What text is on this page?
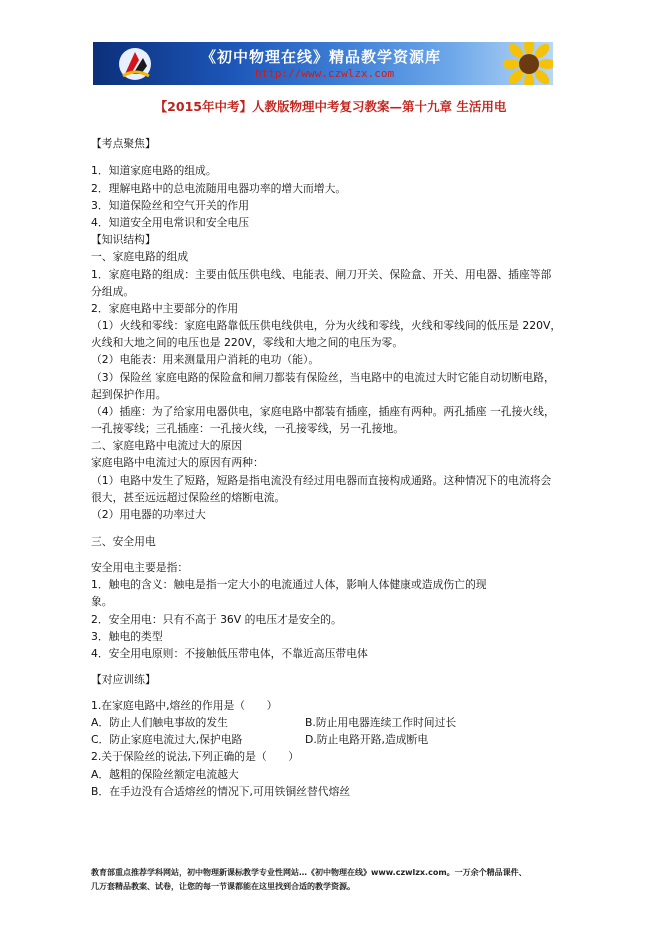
《初中物理在线》精品教学资源库
http://www.czwlzx.com
【2015年中考】人教版物理中考复习教案—第十九章 生活用电
【考点聚焦】
1．知道家庭电路的组成。
2．理解电路中的总电流随用电器功率的增大而增大。
3．知道保险丝和空气开关的作用
4．知道安全用电常识和安全电压
【知识结构】
一、家庭电路的组成
1．家庭电路的组成：主要由低压供电线、电能表、闸刀开关、保险盒、开关、用电器、插座等部
分组成。
2．家庭电路中主要部分的作用
（1）火线和零线：家庭电路靠低压供电线供电，分为火线和零线，火线和零线间的低压是 220V，
火线和大地之间的电压也是 220V，零线和大地之间的电压为零。
（2）电能表：用来测量用户消耗的电功（能）。
（3）保险丝 家庭电路的保险盒和闸刀都装有保险丝，当电路中的电流过大时它能自动切断电路，
起到保护作用。
（4）插座：为了给家用电器供电，家庭电路中都装有插座，插座有两种。两孔插座 一孔接火线，
一孔接零线；三孔插座：一孔接火线，一孔接零线，另一孔接地。
二、家庭电路中电流过大的原因
家庭电路中电流过大的原因有两种：
（1）电路中发生了短路，短路是指电流没有经过用电器而直接构成通路。这种情况下的电流将会
很大，甚至远远超过保险丝的熔断电流。
（2）用电器的功率过大
三、安全用电
安全用电主要是指：
1．触电的含义：触电是指一定大小的电流通过人体，影响人体健康或造成伤亡的现
象。
2．安全用电：只有不高于 36V 的电压才是安全的。
3．触电的类型
4．安全用电原则：不接触低压带电体，不靠近高压带电体
【对应训练】
1.在家庭电路中,熔丝的作用是（　　）
A．防止人们触电事故的发生	B.防止用电器连续工作时间过长
C．防止家庭电流过大,保护电路	D.防止电路开路,造成断电
2.关于保险丝的说法,下列正确的是（　　）
A．越粗的保险丝额定电流越大
B．在手边没有合适熔丝的情况下,可用铁铜丝替代熔丝
教育部重点推荐学科网站，初中物理新课标教学专业性网站…《初中物理在线》www.czwlzx.com。一万余个精品课件、
几万套精品教案、试卷，让您的每一节课都能在这里找到合适的教学资源。
